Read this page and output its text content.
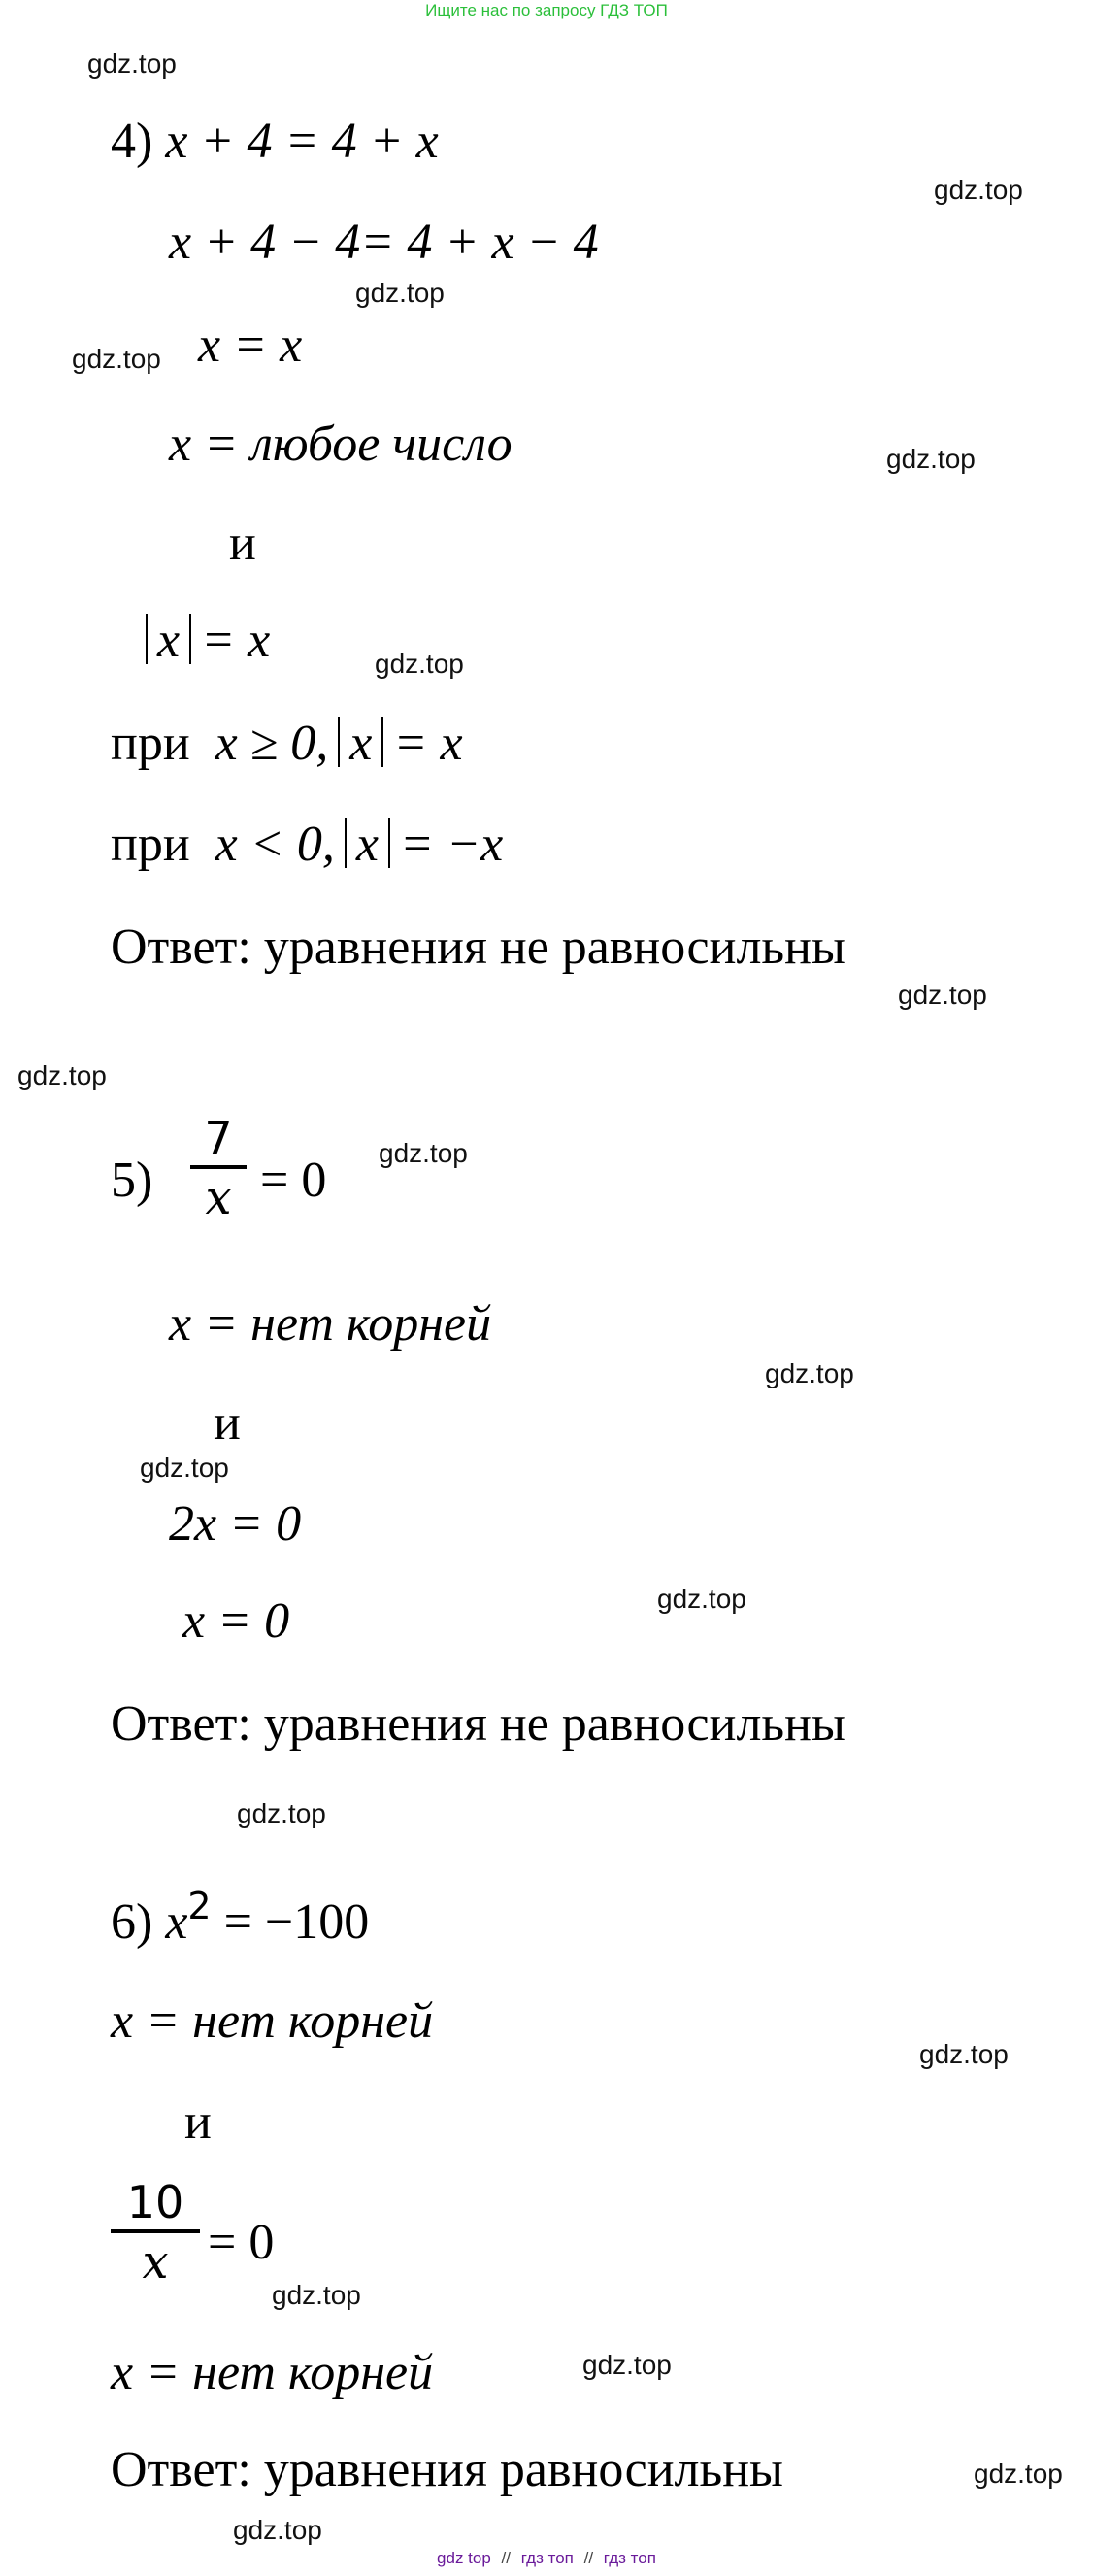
Ищите нас по запросу ГДЗ ТОП
gdz.top
gdz.top
gdz.top
gdz.top
gdz.top
gdz.top
gdz.top
gdz.top
gdz.top
gdz.top
gdz.top
gdz.top
gdz.top
gdz.top
gdz.top
gdz.top
gdz.top
gdz.top
4) x + 4 = 4 + x
x + 4 − 4= 4 + x − 4
x = x
x = любое число
и
x = x
при x ≥ 0, x = x
при x < 0, x = −x
Ответ: уравнения не равносильны
5)
7
x = 0
x = нет корней
и
2x = 0
x = 0
Ответ: уравнения не равносильны
6) $x^2 = -100$
x = нет корней
и
10
x = 0
x = нет корней
Ответ: уравнения равносильны
gdz top // гдз топ // гдз топ
